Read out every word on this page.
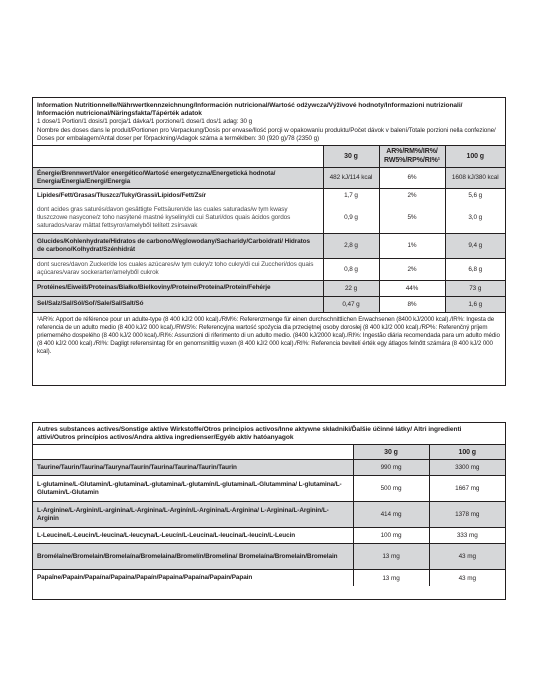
Information Nutritionnelle/Nährwertkennzeichnung/Información nutricional/Wartość odżywcza/Výživové hodnoty/Informazioni nutrizionali/ Información nutricional/Näringsfakta/Tápérték adatok
1 dose/1 Portion/1 dosis/1 porcja/1 dávka/1 porzione/1 dose/1 dos/1 adag: 30 g
Nombre des doses dans le produit/Portionen pro Verpackung/Dosis por envase/Ilość porcji w opakowaniu produktu/Počet dávok v balení/Totale porzioni nella confezione/ Doses por embalagem/Antal doser per förpackning/Adagok száma a terméklben: 30 (920 g)/78 (2350 g)
	30 g	AR%/RM%/IR%/ RW5%/RP%/RI%¹	100 g
Énergie/Brennwert/Valor energético/Wartość energetyczna/Energetická hodnota/ Energia/Energia/Energi/Energia	482 kJ/114 kcal	6%	1608 kJ/380 kcal
Lipides/Fett/Grasas/Tłuszcz/Tuky/Grassi/Lípidos/Fett/Zsír	1,7 g	2%	5,6 g
dont acides gras saturés/davon gesättigte Fettsäuren/de las cuales saturadas/w tym kwasy tłuszczowe nasycone/z toho nasýtené mastné kyseliny/di cui Saturi/dos quais ácidos gordos saturados/varav mättat fettsyror/amelyből telített zsírsavak	0,9 g	5%	3,0 g
Glucides/Kohlenhydrate/Hidratos de carbono/Węglowodany/Sacharidy/Carboidrati/ Hidratos de carbono/Kolhydrat/Szénhidrát	2,8 g	1%	9,4 g
dont sucres/davon Zucker/de los cuales azúcares/w tym cukry/z toho cukry/di cui Zuccheri/dos quais açúcares/varav sockerarter/amelyből cukrok	0,8 g	2%	6,8 g
Protéines/Eiweiß/Proteínas/Białko/Bielkoviny/Proteine/Proteína/Protein/Fehérje	22 g	44%	73 g
Sel/Salz/Sal/Sól/Soľ/Sale/Sal/Salt/Só	0,47 g	8%	1,6 g
¹AR%: Apport de référence pour un adulte-type (8 400 kJ/2 000 kcal)./RM%: Referenzmenge für einen durchschnittlichen Erwachsenen (8400 kJ/2000 kcal)./IR%: Ingesta de referencia de un adulto medio (8 400 kJ/2 000 kcal)./RWS%: Referencyjna wartość spożycia dla przeciętnej osoby dorosłej (8 400 kJ/2 000 kcal)./RP%: Referenčný príjem priemerného dospelého (8 400 kJ/2 000 kcal)./RI%: Assunzioni di riferimento di un adulto medio. (8400 kJ/2000 kcal)./RI%: Ingestão diária recomendada para um adulto médio (8 400 kJ/2 000 kcal)./RI%: Dagligt referensintag för en genomsnittlig vuxen (8 400 kJ/2 000 kcal)./RI%: Referencia bevitelí érték egy átlagos felnőtt számára (8 400 kJ/2 000 kcal).
Autres substances actives/Sonstige aktive Wirkstoffe/Otros principios activos/Inne aktywne składniki/Ďalšie účinné látky/ Altri ingredienti attivi/Outros princípios activos/Andra aktiva ingredienser/Egyéb aktív hatóanyagok
	30 g	100 g
Taurine/Taurin/Taurina/Tauryna/Taurín/Taurina/Taurina/Taurin/Taurin	990 mg	3300 mg
L-glutamine/L-Glutamin/L-glutamina/L-glutamina/L-glutamín/L-glutamina/L-Glutammina/ L-glutamina/L-Glutamin/L-Glutamin	500 mg	1667 mg
L-Arginine/L-Arginin/L-arginina/L-Arginina/L-Arginín/L-Arginina/L-Arginina/ L-Arginina/L-Arginin/L-Arginin	414 mg	1378 mg
L-Leucine/L-Leucin/L-leucina/L-leucyna/L-Leucín/L-Leucina/L-leucina/L-leucin/L-Leucin	100 mg	333 mg
Bromélaïne/Bromelain/Bromelaína/Bromelaina/Bromelín/Bromelina/ Bromelaína/Bromelain/Bromelain	13 mg	43 mg
Papaïne/Papain/Papaína/Papaina/Papaín/Papaina/Papaína/Papain/Papain	13 mg	43 mg
